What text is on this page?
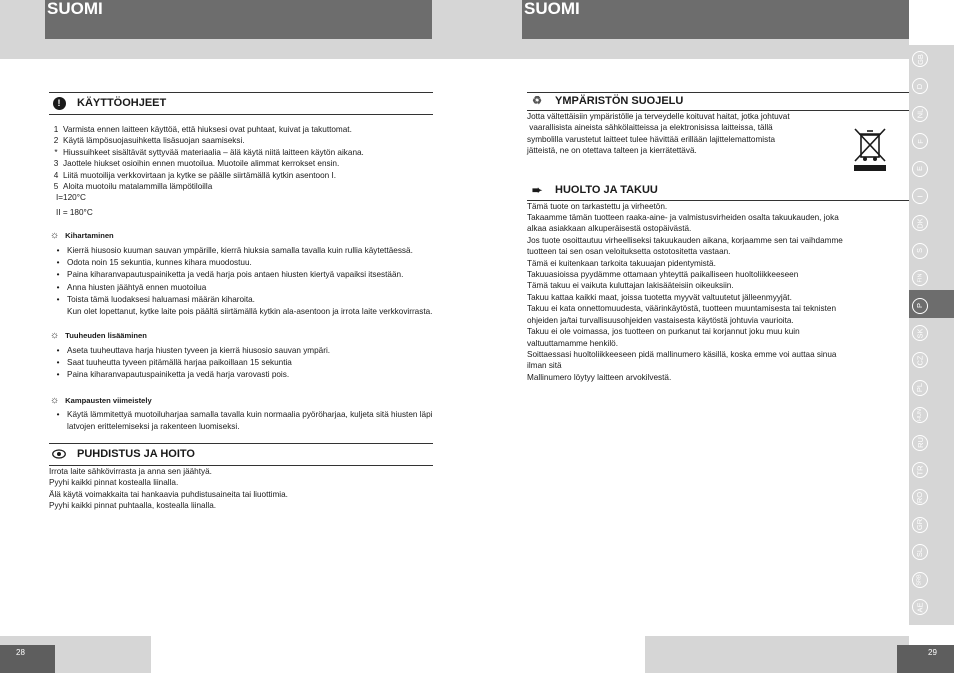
SUOMI	SUOMI
!	KÄYTTÖOHJEET
1 Varmista ennen laitteen käyttöä, että hiuksesi ovat puhtaat, kuivat ja takuttomat.
2 Käytä lämpösuojasuihketta lisäsuojan saamiseksi.
* Hiussuihkeet sisältävät syttyvää materiaalia – älä käytä niitä laitteen käytön aikana.
3 Jaottele hiukset osioihin ennen muotoilua. Muotoile alimmat kerrokset ensin.
4 Liitä muotoilija verkkovirtaan ja kytke se päälle siirtämällä kytkin asentoon I.
5 Aloita muotoilu matalammilla lämpötiloilla
I=120°C
II = 180°C
☼ Kihartaminen
• Kierrä hiusosio kuuman sauvan ympärille, kierrä hiuksia samalla tavalla kuin rullia käytettäessä.
• Odota noin 15 sekuntia, kunnes kihara muodostuu.
• Paina kiharanvapautuspainiketta ja vedä harja pois antaen hiusten kiertyä vapaiksi itsestään.
• Anna hiusten jäähtyä ennen muotoilua
• Toista tämä luodaksesi haluamasi määrän kiharoita.
Kun olet lopettanut, kytke laite pois päältä siirtämällä kytkin ala-asentoon ja irrota laite verkkovirrasta.
☼ Tuuheuden lisääminen
• Aseta tuuheuttava harja hiusten tyveen ja kierrä hiusosio sauvan ympäri.
• Saat tuuheutta tyveen pitämällä harjaa paikoillaan 15 sekuntia
• Paina kiharanvapautuspainiketta ja vedä harja varovasti pois.
☼ Kampausten viimeistely
• Käytä lämmitettyä muotoiluharjaa samalla tavalla kuin normaalia pyöröharjaa, kuljeta sitä hiusten läpi latvojen erittelemiseksi ja rakenteen luomiseksi.
PUHDISTUS JA HOITO
Irrota laite sähkövirrasta ja anna sen jäähtyä.
Pyyhi kaikki pinnat kostealla liinalla.
Älä käytä voimakkaita tai hankaavia puhdistusaineita tai liuottimia.
Pyyhi kaikki pinnat puhtaalla, kostealla liinalla.
♻ YMPÄRISTÖN SUOJELU
Jotta vältettäisiin ympäristölle ja terveydelle koituvat haitat, jotka johtuvat
vaarallisista aineista sähkölaitteissa ja elektronisissa laitteissa, tällä
symbolilla varustetut laitteet tulee hävittää erillään lajittelemattomista
jätteistä, ne on otettava talteen ja kierrätettävä.
➨ HUOLTO JA TAKUU
Tämä tuote on tarkastettu ja virheetön.
Takaamme tämän tuotteen raaka-aine- ja valmistusvirheiden osalta takuukauden, joka
alkaa asiakkaan alkuperäisestä ostopäivästä.
Jos tuote osoittautuu virheelliseksi takuukauden aikana, korjaamme sen tai vaihdamme
tuotteen tai sen osan veloituksetta ostotositetta vastaan.
Tämä ei kuitenkaan tarkoita takuuajan pidentymistä.
Takuuasioissa pyydämme ottamaan yhteyttä paikalliseen huoltoliikkeeseen
Tämä takuu ei vaikuta kuluttajan lakisääteisiin oikeuksiin.
Takuu kattaa kaikki maat, joissa tuotetta myyvät valtuutetut jälleenmyyjät.
Takuu ei kata onnettomuudesta, väärinkäytöstä, tuotteen muuntamisesta tai teknisten
ohjeiden ja/tai turvallisuusohjeiden vastaisesta käytöstä johtuvia vaurioita.
Takuu ei ole voimassa, jos tuotteen on purkanut tai korjannut joku muu kuin
valtuuttamamme henkilö.
Soittaessasi huoltoliikkeeseen pidä mallinumero käsillä, koska emme voi auttaa sinua
ilman sitä
Mallinumero löytyy laitteen arvokilvestä.
GB
D
NL
F
E
I
DK
S
FIN
P
SK
CZ
PL
HUN
RU
TR
RO
GR
SL
SRB
AE
28	29
